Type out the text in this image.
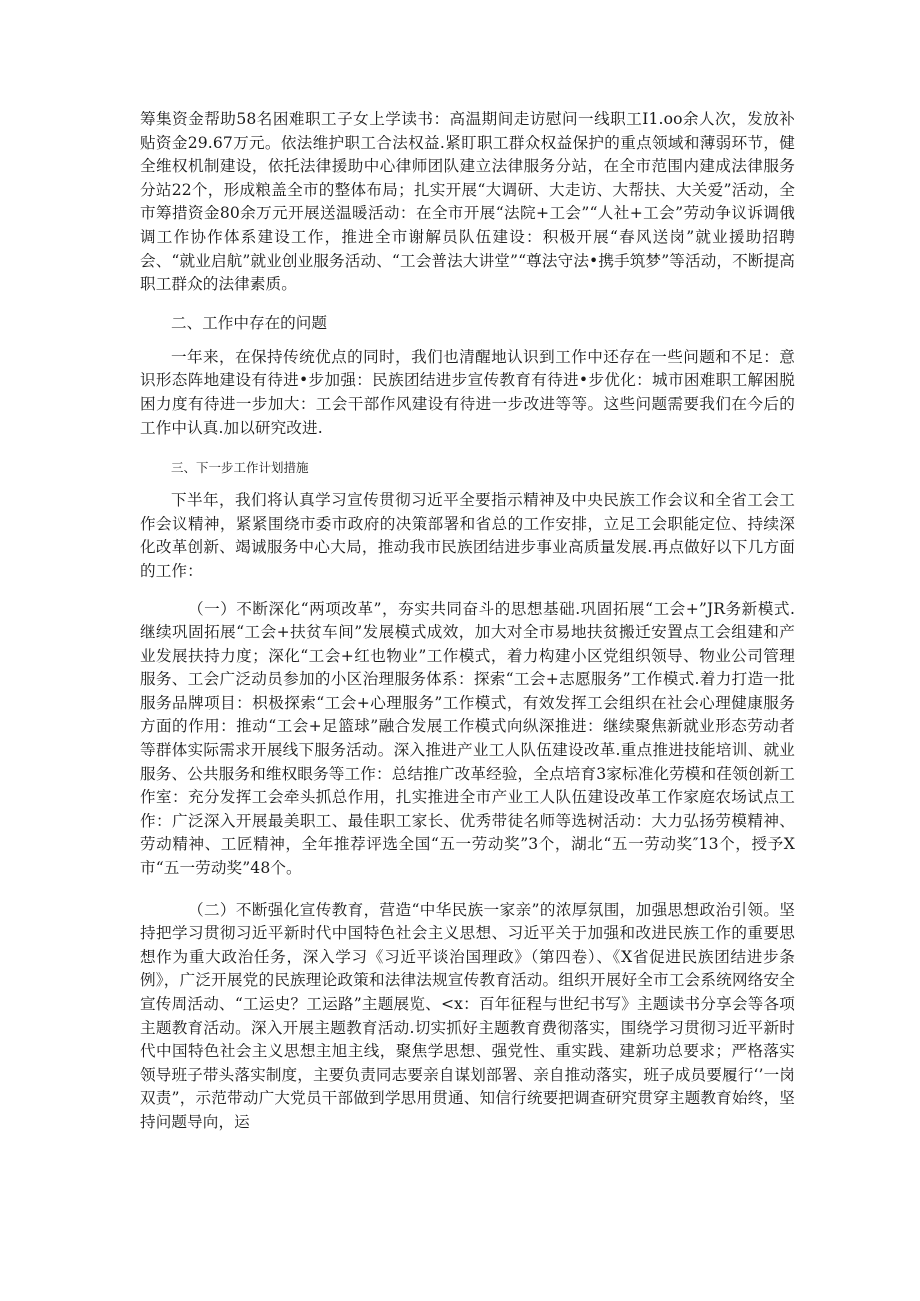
筹集资金帮助58名困难职工子女上学读书：高温期间走访慰问一线职工I1.oo余人次，发放补贴资金29.67万元。依法维护职工合法权益.紧盯职工群众权益保护的重点领域和薄弱环节，健全维权机制建设，依托法律援助中心律师团队建立法律服务分站，在全市范围内建成法律服务分站22个，形成粮盖全市的整体布局；扎实开展“大调研、大走访、大帮扶、大关爱”活动，全市筹措资金80余万元开展送温暖活动：在全市开展“法院+工会”“人社+工会”劳动争议诉调俄调工作协作体系建设工作，推进全市谢解员队伍建设：积极开展“春风送岗”就业援助招聘会、“就业启航”就业创业服务活动、“工会普法大讲堂”“尊法守法•携手筑梦”等活动，不断提高职工群众的法律素质。

二、工作中存在的问题

一年来，在保持传统优点的同时，我们也清醒地认识到工作中还存在一些问题和不足：意识形态阵地建设有待进•步加强：民族团结进步宣传教育有待进•步优化：城市困难职工解困脱困力度有待进一步加大：工会干部作风建设有待进一步改进等等。这些问题需要我们在今后的工作中认真.加以研究改进.

三、下一步工作计划措施

下半年，我们将认真学习宣传贯彻习近平全要指示精神及中央民族工作会议和全省工会工作会议精神，紧紧围绕市委市政府的决策部署和省总的工作安排，立足工会职能定位、持续深化改革创新、竭诚服务中心大局，推动我市民族团结进步事业高质量发展.再点做好以下几方面的工作：

（一）不断深化“两项改革”，夯实共同奋斗的思想基础.巩固拓展“工会+”JR务新模式.继续巩固拓展“工会+扶贫车间”发展模式成效，加大对全市易地扶贫搬迁安置点工会组建和产业发展扶持力度；深化“工会+红也物业”工作模式，着力构建小区党组织领导、物业公司管理服务、工会广泛动员参加的小区治理服务体系：探索“工会+志愿服务”工作模式.着力打造一批服务品牌项目：枳极探索“工会+心理服务”工作模式，有效发挥工会组织在社会心理健康服务方面的作用：推动“工会+足篮球”融合发展工作模式向纵深推进：继续聚焦新就业形态劳动者等群体实际需求开展线下服务活动。深入推进产业工人队伍建设改革.重点推进技能培训、就业服务、公共服务和维权眼务等工作：总结推广改革经验，全点培育3家标准化劳模和荏领创新工作室：充分发挥工会牵头抓总作用，扎实推进全市产业工人队伍建设改革工作家庭农场试点工作：广泛深入开展最美职工、最佳职工家长、优秀带徒名师等选树活动：大力弘扬劳模精神、劳动精神、工匠精神，全年推荐评选全国“五一劳动奖”3个，湖北“五一劳动奖″13个，授予X市“五一劳动奖”48个。

（二）不断强化宣传教育，营造“中华民族一家亲”的浓厚氛围，加强思想政治引领。坚持把学习贯彻习近平新时代中国特色社会主义思想、习近平关于加强和改进民族工作的重要思想作为重大政治任务，深入学习《习近平谈治国理政》（第四卷）、《X省促进民族团结进步条例》，广泛开展党的民族理论政策和法律法规宣传教育活动。组织开展好全市工会系统网络安全宣传周活动、“工运史？工运路”主题展览、<x：百年征程与世纪书写》主题读书分享会等各项主题教育活动。深入开展主题教育活动.切实抓好主题教育费彻落实，围绕学习贯彻习近平新时代中国特色社会主义思想主旭主线，聚焦学思想、强党性、重实践、建新功总要求；严格落实领导班子带头落实制度，主要负责同志要亲自谋划部署、亲自推动落实，班子成员要履行‘’一岗双责”，示范带动广大党员干部做到学思用贯通、知信行统要把调查研究贯穿主题教育始终，坚持问题导向，运
